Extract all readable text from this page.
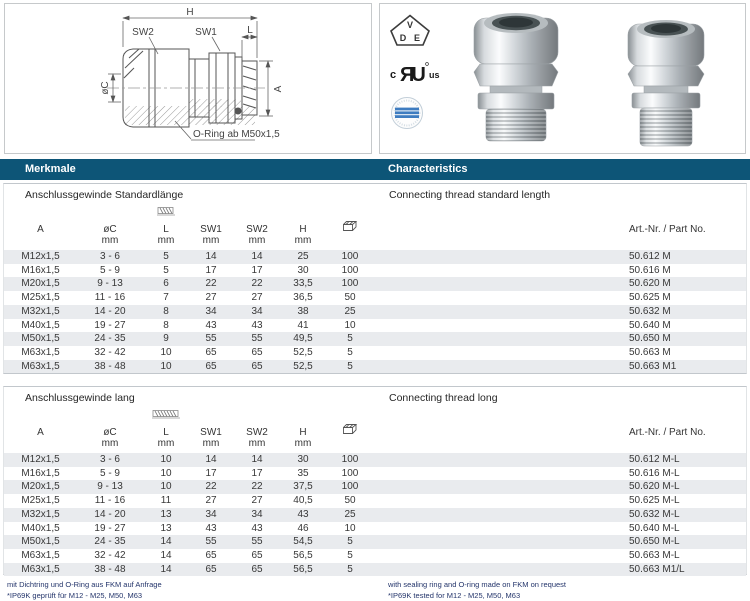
H
SW2	SW1	L
øC	A
O-Ring ab M50x1,5
V
D E
c ЯU us
Merkmale	Characteristics
Anschlussgewinde Standardlänge	Connecting thread standard length

A	øC	L	SW1	SW2	H			Art.-Nr. / Part No.
	mm	mm	mm	mm	mm			
M12x1,5	3 - 6	5	14	14	25	100		50.612 M
M16x1,5	5 - 9	5	17	17	30	100		50.616 M
M20x1,5	9 - 13	6	22	22	33,5	100		50.620 M
M25x1,5	11 - 16	7	27	27	36,5	50		50.625 M
M32x1,5	14 - 20	8	34	34	38	25		50.632 M
M40x1,5	19 - 27	8	43	43	41	10		50.640 M
M50x1,5	24 - 35	9	55	55	49,5	5		50.650 M
M63x1,5	32 - 42	10	65	65	52,5	5		50.663 M
M63x1,5	38 - 48	10	65	65	52,5	5		50.663 M1
Anschlussgewinde lang	Connecting thread long

A	øC	L	SW1	SW2	H			Art.-Nr. / Part No.
	mm	mm	mm	mm	mm			
M12x1,5	3 - 6	10	14	14	30	100		50.612 M-L
M16x1,5	5 - 9	10	17	17	35	100		50.616 M-L
M20x1,5	9 - 13	10	22	22	37,5	100		50.620 M-L
M25x1,5	11 - 16	11	27	27	40,5	50		50.625 M-L
M32x1,5	14 - 20	13	34	34	43	25		50.632 M-L
M40x1,5	19 - 27	13	43	43	46	10		50.640 M-L
M50x1,5	24 - 35	14	55	55	54,5	5		50.650 M-L
M63x1,5	32 - 42	14	65	65	56,5	5		50.663 M-L
M63x1,5	38 - 48	14	65	65	56,5	5		50.663 M1/L
mit Dichtring und O-Ring aus FKM auf Anfrage
*IP69K geprüft für M12 - M25, M50, M63
with sealing ring and O-ring made on FKM on request
*IP69K tested for M12 - M25, M50, M63
